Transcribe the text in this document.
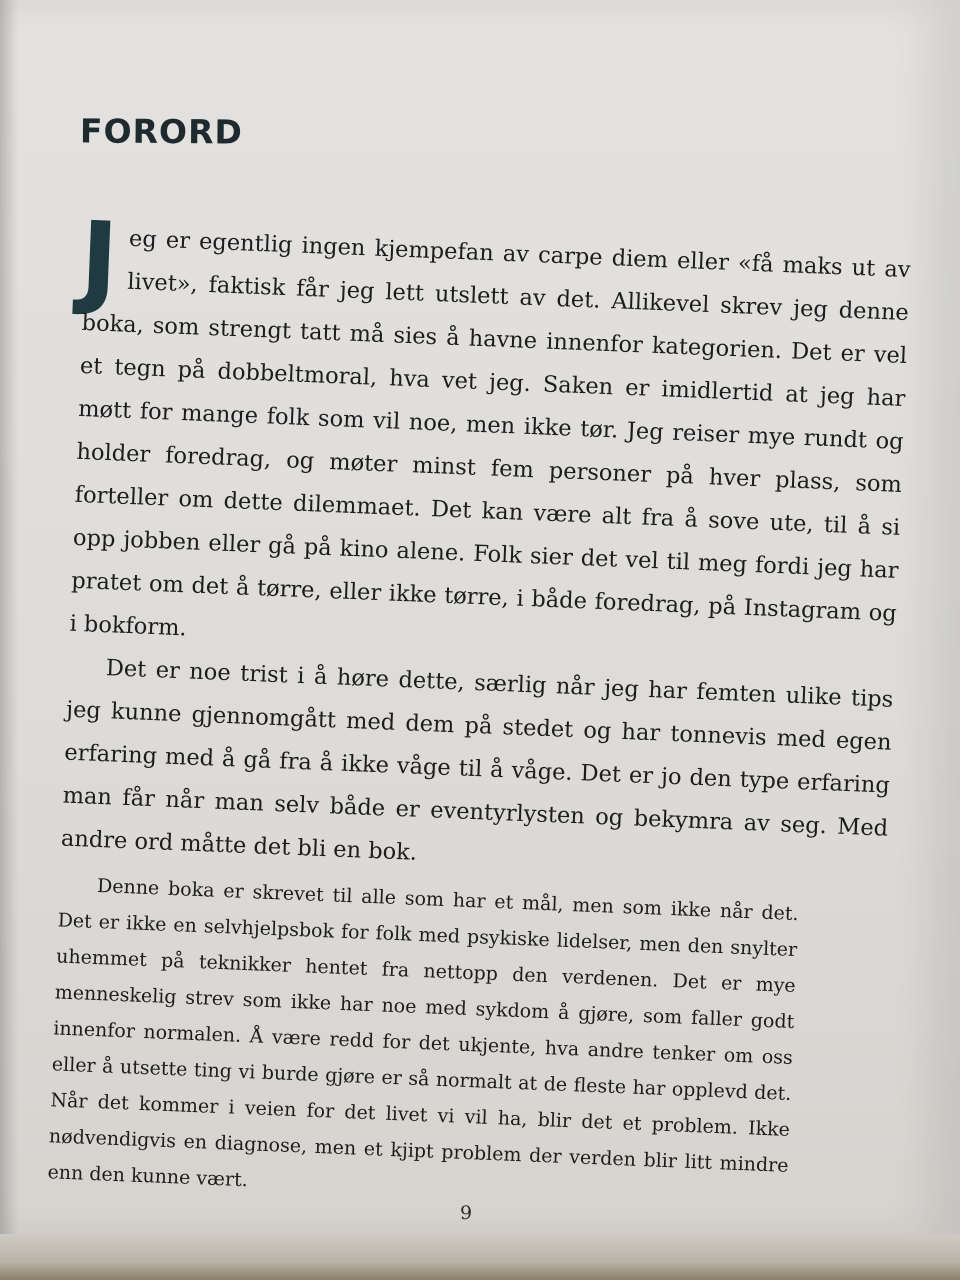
FORORD

Jeg er egentlig ingen kjempefan av carpe diem eller «få maks ut av livet», faktisk får jeg lett utslett av det. Allikevel skrev jeg denne boka, som strengt tatt må sies å havne innenfor kategorien. Det er vel et tegn på dobbeltmoral, hva vet jeg. Saken er imidlertid at jeg har møtt for mange folk som vil noe, men ikke tør. Jeg reiser mye rundt og holder foredrag, og møter minst fem personer på hver plass, som forteller om dette dilemmaet. Det kan være alt fra å sove ute, til å si opp jobben eller gå på kino alene. Folk sier det vel til meg fordi jeg har pratet om det å tørre, eller ikke tørre, i både foredrag, på Instagram og i bokform.

Det er noe trist i å høre dette, særlig når jeg har femten ulike tips jeg kunne gjennomgått med dem på stedet og har tonnevis med egen erfaring med å gå fra å ikke våge til å våge. Det er jo den type erfaring man får når man selv både er eventyrlysten og bekymra av seg. Med andre ord måtte det bli en bok.

Denne boka er skrevet til alle som har et mål, men som ikke når det. Det er ikke en selvhjelpsbok for folk med psykiske lidelser, men den snylter uhemmet på teknikker hentet fra nettopp den verdenen. Det er mye menneskelig strev som ikke har noe med sykdom å gjøre, som faller godt innenfor normalen. Å være redd for det ukjente, hva andre tenker om oss eller å utsette ting vi burde gjøre er så normalt at de fleste har opplevd det. Når det kommer i veien for det livet vi vil ha, blir det et problem. Ikke nødvendigvis en diagnose, men et kjipt problem der verden blir litt mindre enn den kunne vært.

9
